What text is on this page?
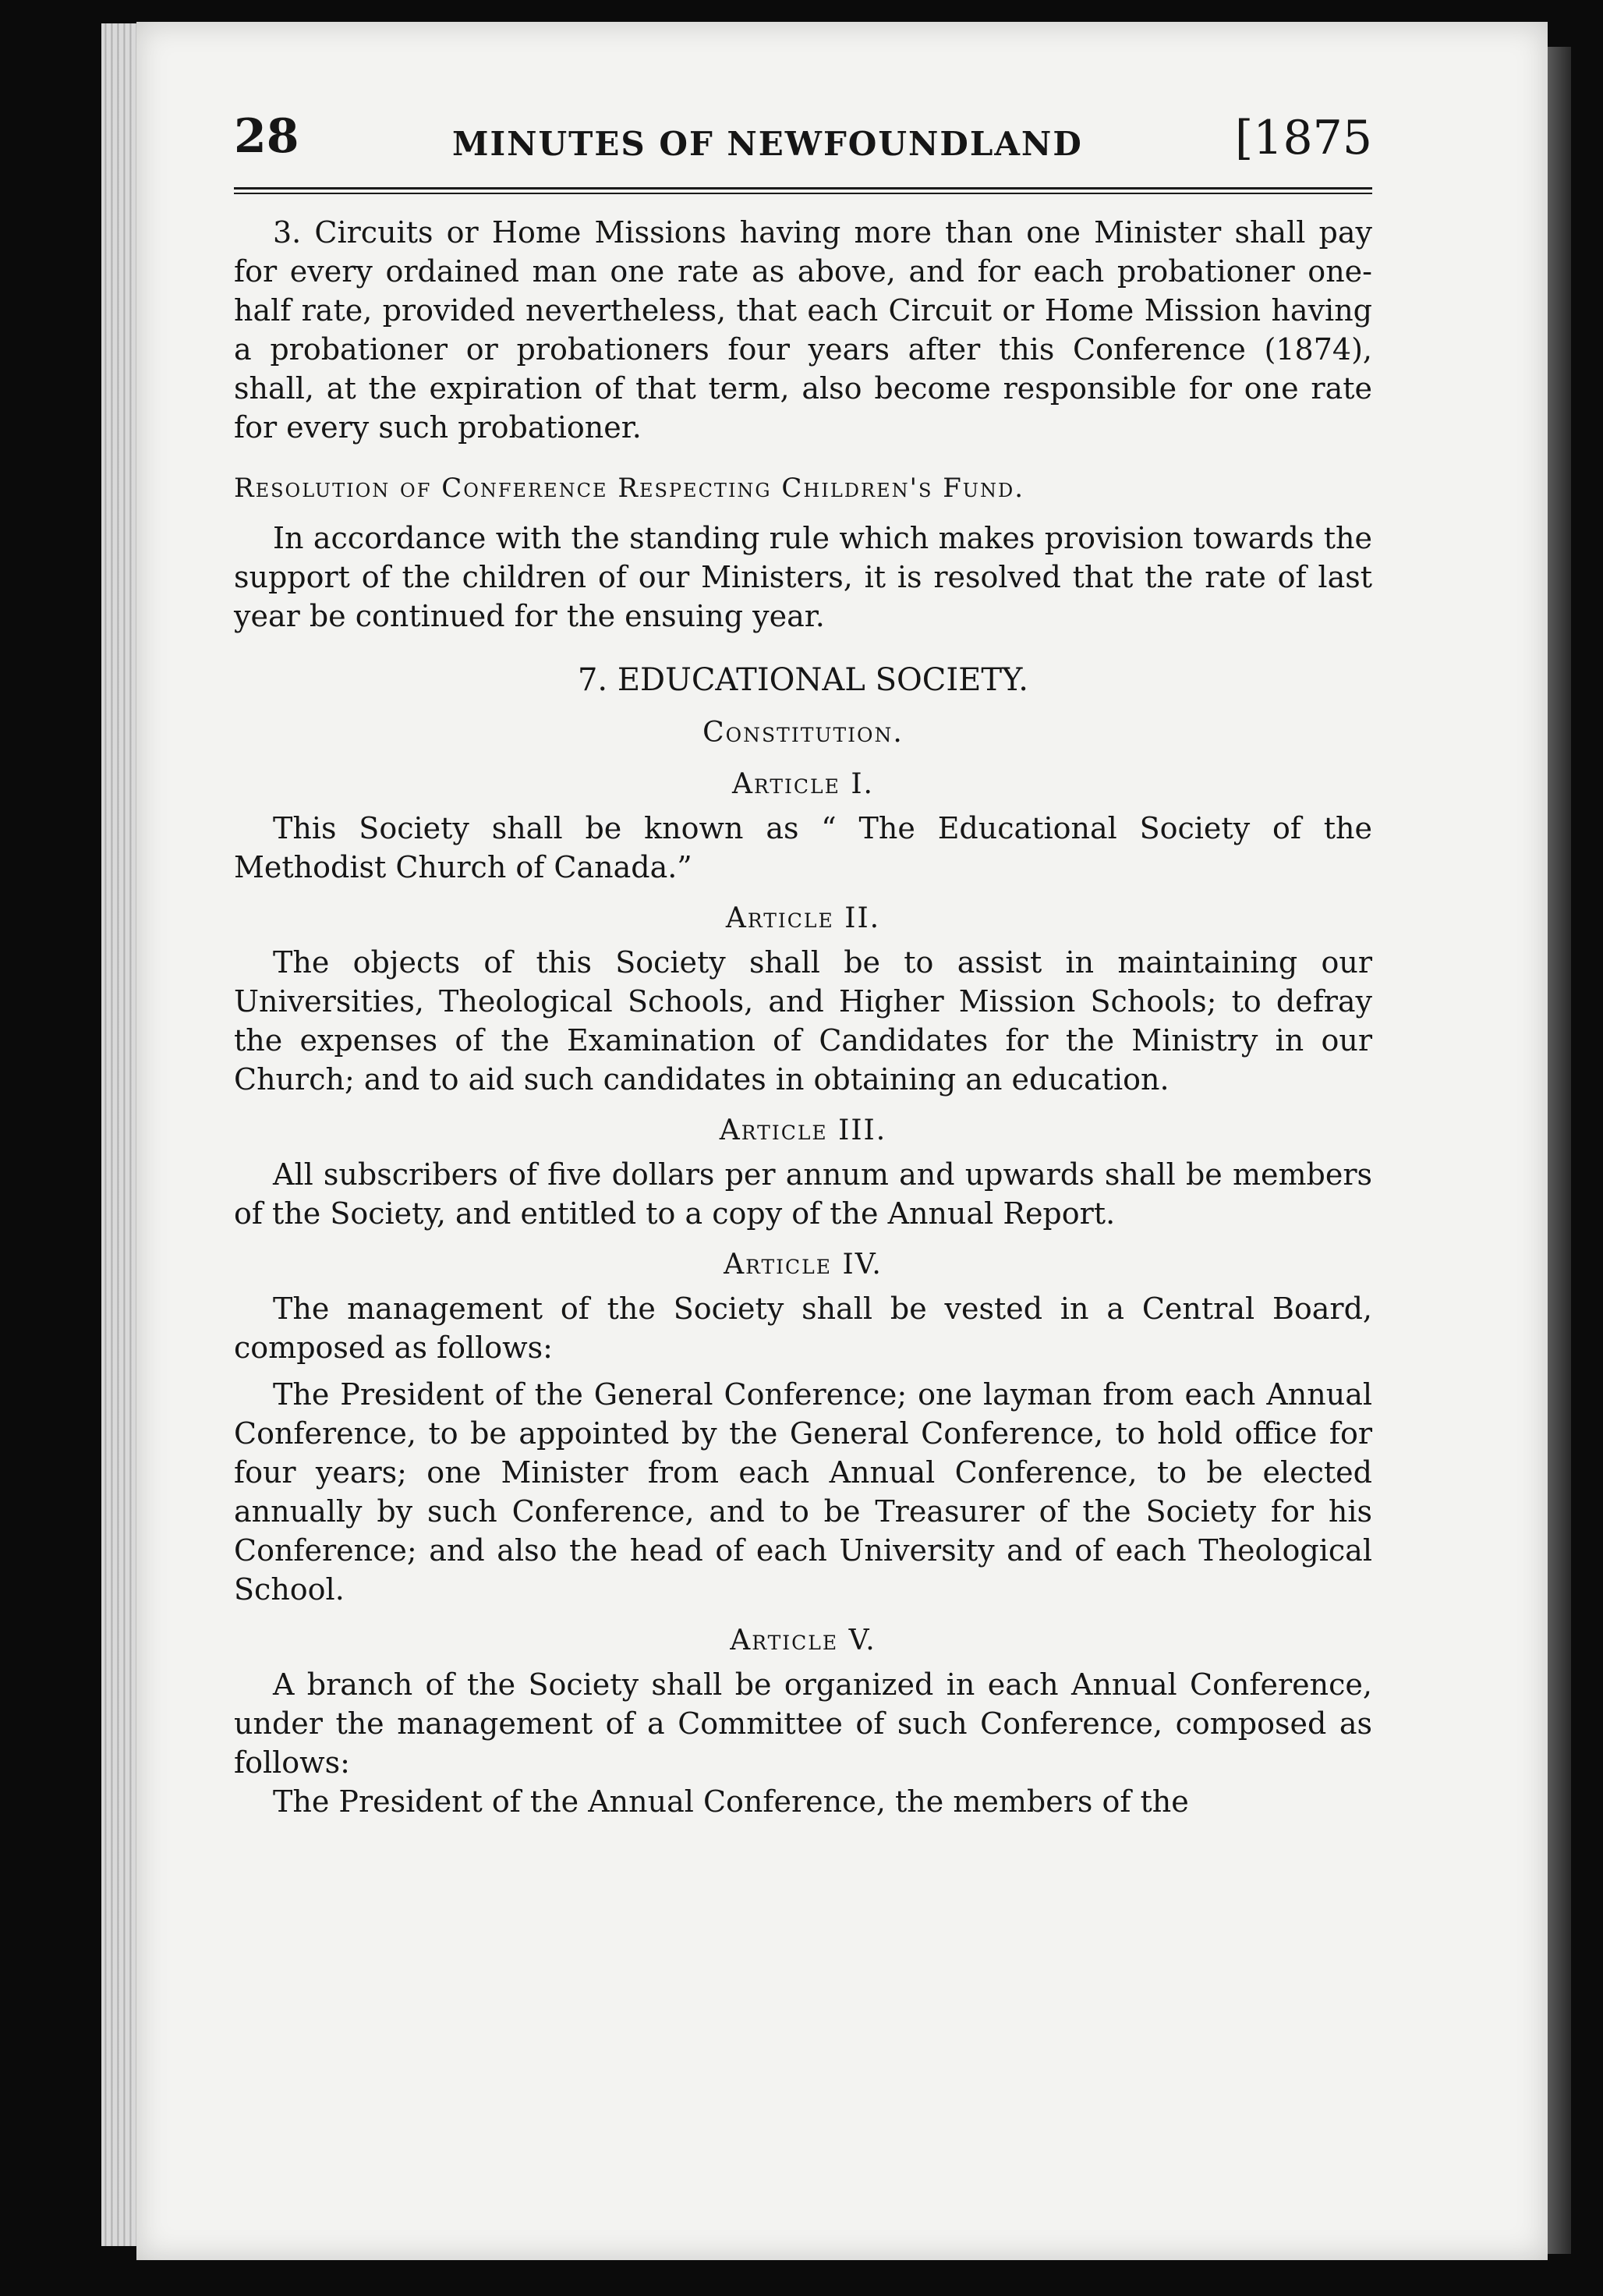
28	MINUTES OF NEWFOUNDLAND	[1875

3. Circuits or Home Missions having more than one Minister shall pay for every ordained man one rate as above, and for each probationer one-half rate, provided nevertheless, that each Circuit or Home Mission having a probationer or probationers four years after this Conference (1874), shall, at the expiration of that term, also become responsible for one rate for every such probationer.

Resolution of Conference Respecting Children's Fund.

In accordance with the standing rule which makes provision towards the support of the children of our Ministers, it is resolved that the rate of last year be continued for the ensuing year.

7. EDUCATIONAL SOCIETY.
Constitution.
Article I.

This Society shall be known as “ The Educational Society of the Methodist Church of Canada.”

Article II.

The objects of this Society shall be to assist in maintaining our Universities, Theological Schools, and Higher Mission Schools; to defray the expenses of the Examination of Candidates for the Ministry in our Church; and to aid such candidates in obtaining an education.

Article III.

All subscribers of five dollars per annum and upwards shall be members of the Society, and entitled to a copy of the Annual Report.

Article IV.

The management of the Society shall be vested in a Central Board, composed as follows:

The President of the General Conference; one layman from each Annual Conference, to be appointed by the General Conference, to hold office for four years; one Minister from each Annual Conference, to be elected annually by such Conference, and to be Treasurer of the Society for his Conference; and also the head of each University and of each Theological School.

Article V.

A branch of the Society shall be organized in each Annual Conference, under the management of a Committee of such Conference, composed as follows:

The President of the Annual Conference, the members of the
